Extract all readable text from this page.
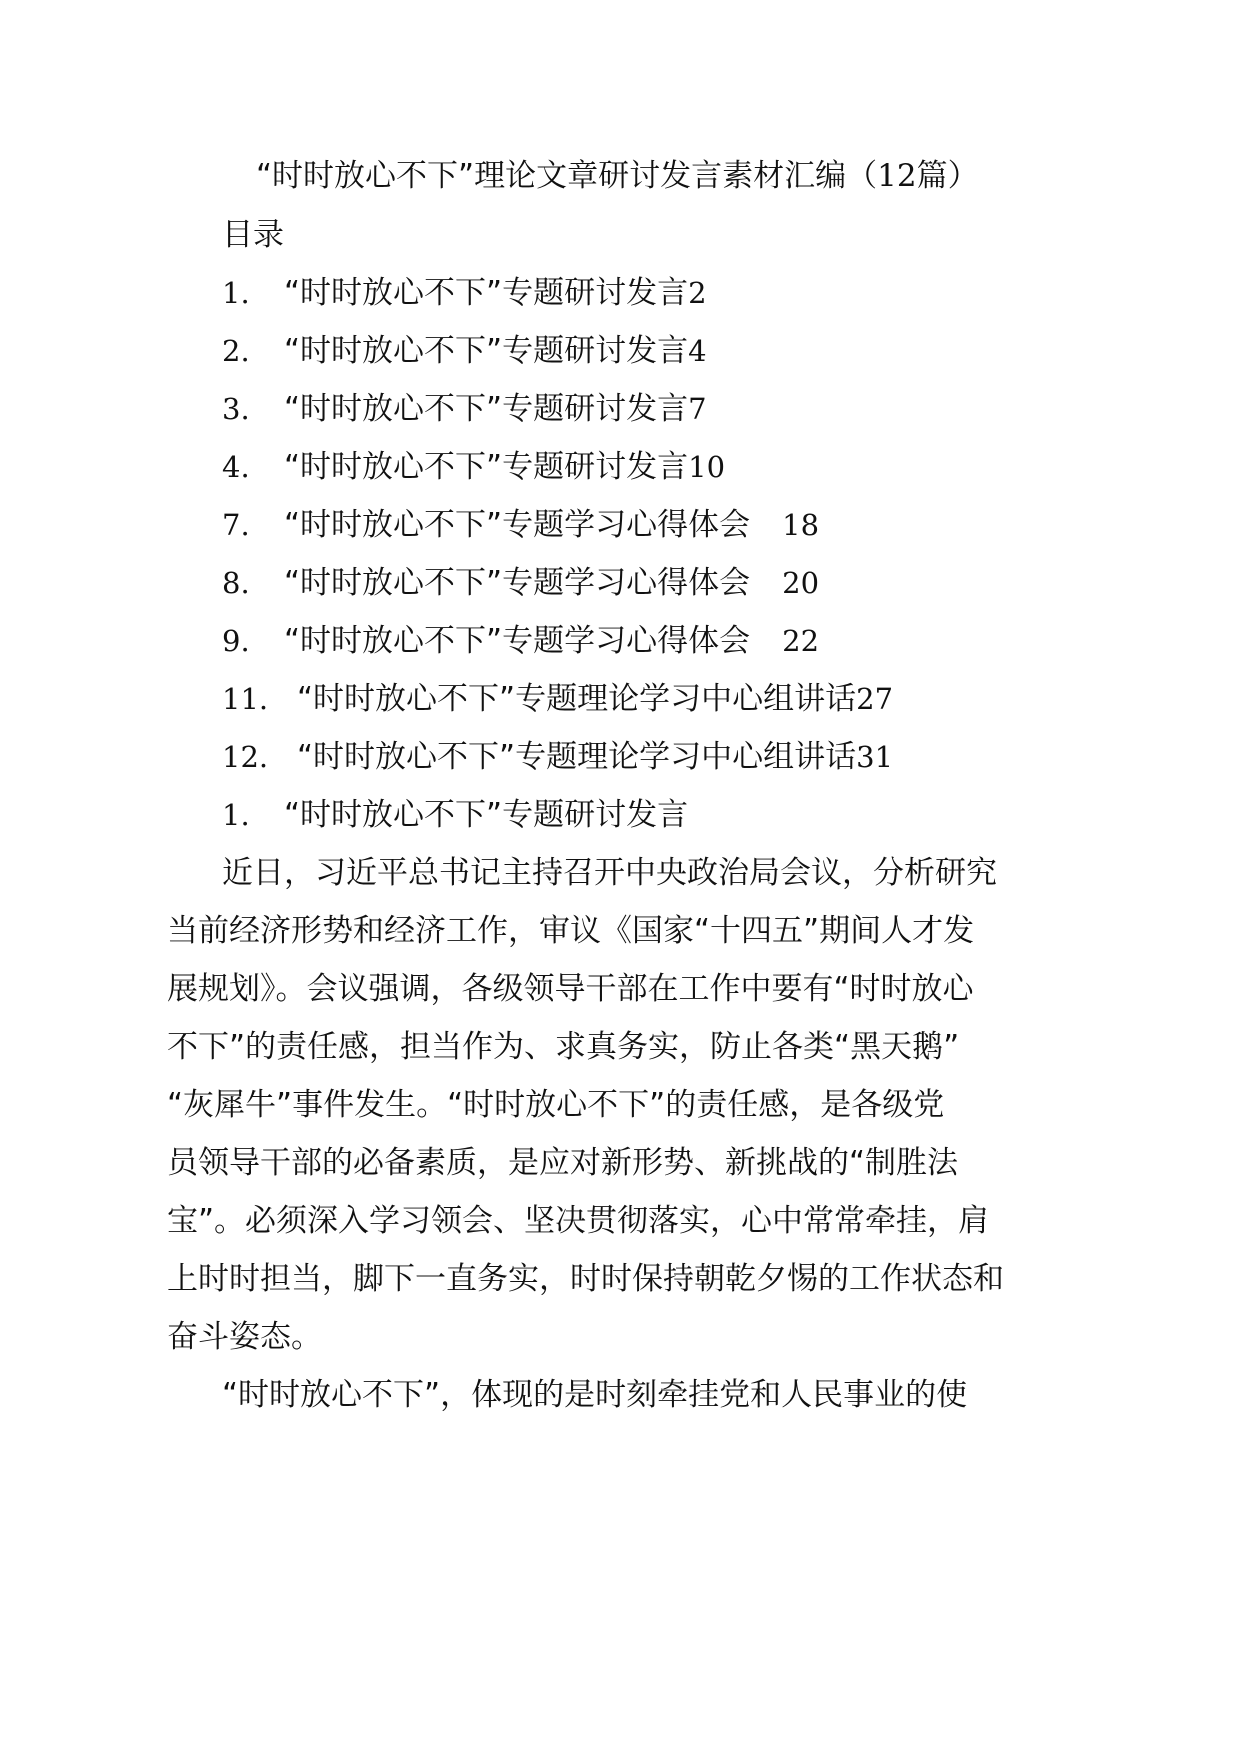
“时时放心不下”理论文章研讨发言素材汇编（12篇）
目录
1. “时时放心不下”专题研讨发言2
2. “时时放心不下”专题研讨发言4
3. “时时放心不下”专题研讨发言7
4. “时时放心不下”专题研讨发言10
7. “时时放心不下”专题学习心得体会 18
8. “时时放心不下”专题学习心得体会 20
9. “时时放心不下”专题学习心得体会 22
11. “时时放心不下”专题理论学习中心组讲话27
12. “时时放心不下”专题理论学习中心组讲话31
1. “时时放心不下”专题研讨发言
近日，习近平总书记主持召开中央政治局会议，分析研究
当前经济形势和经济工作，审议《国家“十四五”期间人才发
展规划》。会议强调，各级领导干部在工作中要有“时时放心
不下”的责任感，担当作为、求真务实，防止各类“黑天鹅”
“灰犀牛”事件发生。“时时放心不下”的责任感，是各级党
员领导干部的必备素质，是应对新形势、新挑战的“制胜法
宝”。必须深入学习领会、坚决贯彻落实，心中常常牵挂，肩
上时时担当，脚下一直务实，时时保持朝乾夕惕的工作状态和
奋斗姿态。
“时时放心不下”，体现的是时刻牵挂党和人民事业的使
